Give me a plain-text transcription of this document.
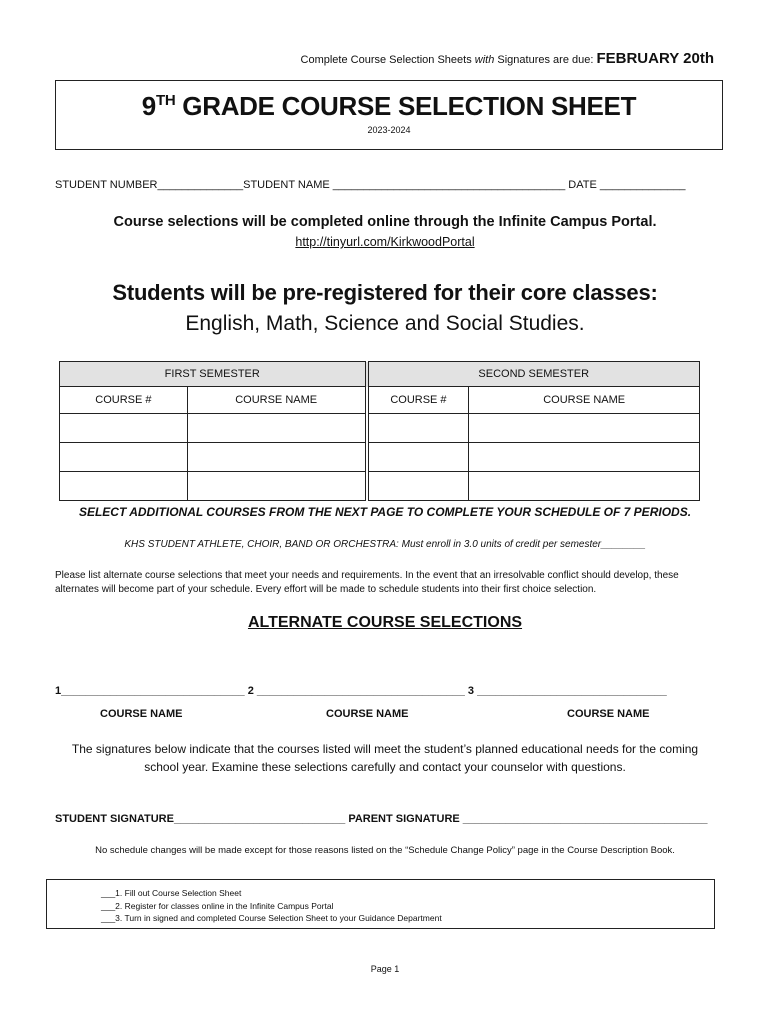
Complete Course Selection Sheets with Signatures are due: FEBRUARY 20th
9TH GRADE COURSE SELECTION SHEET
2023-2024
STUDENT NUMBER______________STUDENT NAME ______________________________________ DATE ______________
Course selections will be completed online through the Infinite Campus Portal.
http://tinyurl.com/KirkwoodPortal
Students will be pre-registered for their core classes:
English, Math, Science and Social Studies.
FIRST SEMESTER			SECOND SEMESTER	
COURSE #	COURSE NAME		COURSE #	COURSE NAME

SELECT ADDITIONAL COURSES FROM THE NEXT PAGE TO COMPLETE YOUR SCHEDULE OF 7 PERIODS.
KHS STUDENT ATHLETE, CHOIR, BAND OR ORCHESTRA: Must enroll in 3.0 units of credit per semester________
Please list alternate course selections that meet your needs and requirements. In the event that an irresolvable conflict should develop, these alternates will become part of your schedule. Every effort will be made to schedule students into their first choice selection.
ALTERNATE COURSE SELECTIONS
1______________________________ 2 __________________________________ 3 _______________________________
COURSE NAME	COURSE NAME	COURSE NAME
The signatures below indicate that the courses listed will meet the student’s planned educational needs for the coming school year. Examine these selections carefully and contact your counselor with questions.
STUDENT SIGNATURE____________________________ PARENT SIGNATURE ________________________________________
No schedule changes will be made except for those reasons listed on the “Schedule Change Policy” page in the Course Description Book.
___1. Fill out Course Selection Sheet
___2. Register for classes online in the Infinite Campus Portal
___3. Turn in signed and completed Course Selection Sheet to your Guidance Department
Page 1
